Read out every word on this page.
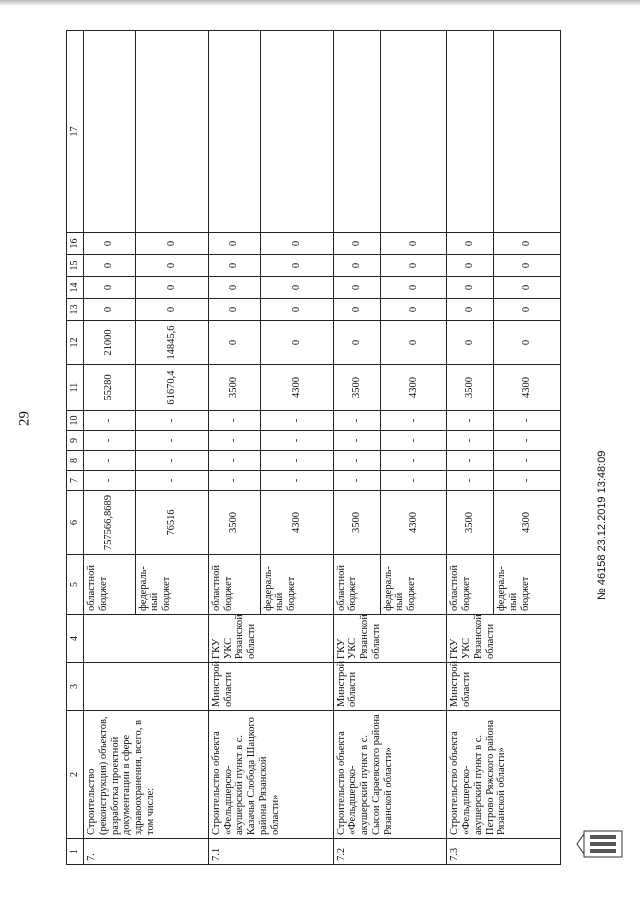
29
1	2	3	4	5	6	7	8	9	10	11	12	13	14	15	16	17
7.	Строительство (реконструкция) объектов, разработка проектной документации в сфере здравоохранения, всего, в том числе:			областной бюджет	757566,8689	-	-	-	-	55280	21000	0	0	0	0	
				федераль-ный бюджет	76516	-	-	-	-	61670,4	14845,6	0	0	0	0	
7.1	Строительство объекта «Фельдшерско-акушерский пункт в с. Казачья Слобода Шацкого района Рязанской области»	Минстрой области	ГКУ УКС Рязанской области	областной бюджет	3500	-	-	-	-	3500	0	0	0	0	0	
				федераль-ный бюджет	4300	-	-	-	-	4300	0	0	0	0	0	
7.2	Строительство объекта «Фельдшерско-акушерский пункт в с. Сысои Сараевского района Рязанской области»	Минстрой области	ГКУ УКС Рязанской области	областной бюджет	3500	-	-	-	-	3500	0	0	0	0	0	
				федераль-ный бюджет	4300	-	-	-	-	4300	0	0	0	0	0	
7.3	Строительство объекта «Фельдшерско-акушерский пункт в с. Петрово Ряжского района Рязанской области»	Минстрой области	ГКУ УКС Рязанской области	областной бюджет	3500	-	-	-	-	3500	0	0	0	0	0	
				федераль-ный бюджет	4300	-	-	-	-	4300	0	0	0	0	0	
№ 46158 23.12.2019 13:48:09
